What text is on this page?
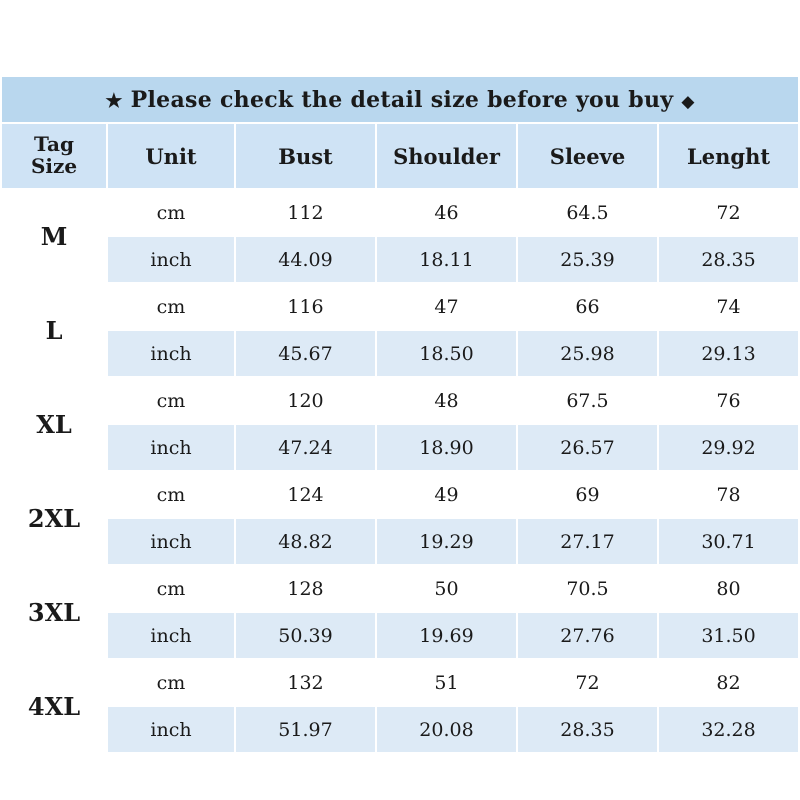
★ Please check the detail size before you buy ◆					

Tag
Size	Unit	Bust	Shoulder	Sleeve	Lenght
M	cm	112	46	64.5	72
	inch	44.09	18.11	25.39	28.35
L	cm	116	47	66	74
	inch	45.67	18.50	25.98	29.13
XL	cm	120	48	67.5	76
	inch	47.24	18.90	26.57	29.92
2XL	cm	124	49	69	78
	inch	48.82	19.29	27.17	30.71
3XL	cm	128	50	70.5	80
	inch	50.39	19.69	27.76	31.50
4XL	cm	132	51	72	82
	inch	51.97	20.08	28.35	32.28
